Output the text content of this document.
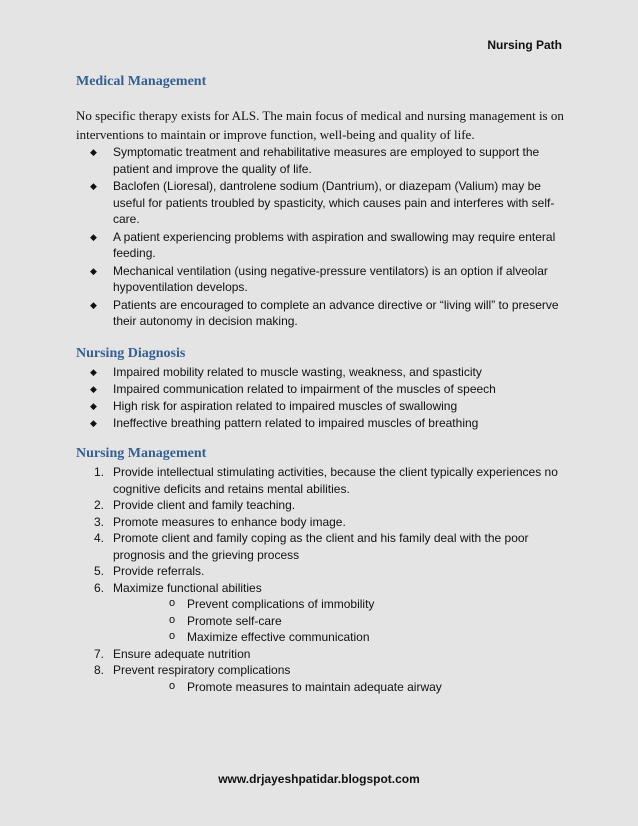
Nursing Path
Medical Management

No specific therapy exists for ALS. The main focus of medical and nursing management is on interventions to maintain or improve function, well-being and quality of life.

◆ Symptomatic treatment and rehabilitative measures are employed to support the patient and improve the quality of life.
◆ Baclofen (Lioresal), dantrolene sodium (Dantrium), or diazepam (Valium) may be useful for patients troubled by spasticity, which causes pain and interferes with self-care.
◆ A patient experiencing problems with aspiration and swallowing may require enteral feeding.
◆ Mechanical ventilation (using negative-pressure ventilators) is an option if alveolar hypoventilation develops.
◆ Patients are encouraged to complete an advance directive or “living will” to preserve their autonomy in decision making.
Nursing Diagnosis
◆ Impaired mobility related to muscle wasting, weakness, and spasticity
◆ Impaired communication related to impairment of the muscles of speech
◆ High risk for aspiration related to impaired muscles of swallowing
◆ Ineffective breathing pattern related to impaired muscles of breathing
Nursing Management
1. Provide intellectual stimulating activities, because the client typically experiences no cognitive deficits and retains mental abilities.
2. Provide client and family teaching.
3. Promote measures to enhance body image.
4. Promote client and family coping as the client and his family deal with the poor prognosis and the grieving process
5. Provide referrals.
6. Maximize functional abilities
o Prevent complications of immobility
o Promote self-care
o Maximize effective communication
7. Ensure adequate nutrition
8. Prevent respiratory complications
o Promote measures to maintain adequate airway
www.drjayeshpatidar.blogspot.com
